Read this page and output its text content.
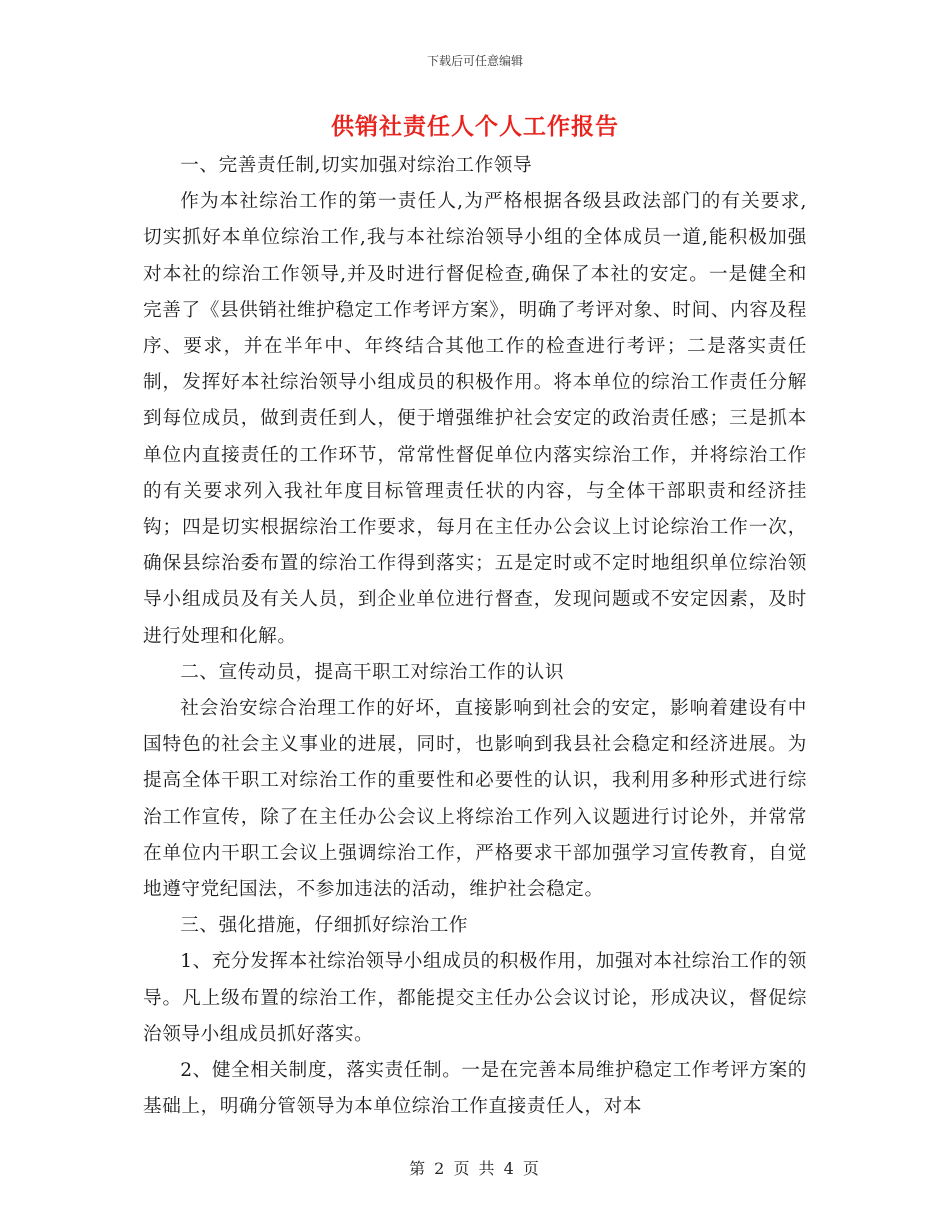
下载后可任意编辑
供销社责任人个人工作报告

一、完善责任制,切实加强对综治工作领导

作为本社综治工作的第一责任人,为严格根据各级县政法部门的有关要求,切实抓好本单位综治工作,我与本社综治领导小组的全体成员一道,能积极加强对本社的综治工作领导,并及时进行督促检查,确保了本社的安定。一是健全和完善了《县供销社维护稳定工作考评方案》，明确了考评对象、时间、内容及程序、要求，并在半年中、年终结合其他工作的检查进行考评；二是落实责任制，发挥好本社综治领导小组成员的积极作用。将本单位的综治工作责任分解到每位成员，做到责任到人，便于增强维护社会安定的政治责任感；三是抓本单位内直接责任的工作环节，常常性督促单位内落实综治工作，并将综治工作的有关要求列入我社年度目标管理责任状的内容，与全体干部职责和经济挂钩；四是切实根据综治工作要求，每月在主任办公会议上讨论综治工作一次，确保县综治委布置的综治工作得到落实；五是定时或不定时地组织单位综治领导小组成员及有关人员，到企业单位进行督查，发现问题或不安定因素，及时进行处理和化解。

二、宣传动员，提高干职工对综治工作的认识

社会治安综合治理工作的好坏，直接影响到社会的安定，影响着建设有中国特色的社会主义事业的进展，同时，也影响到我县社会稳定和经济进展。为提高全体干职工对综治工作的重要性和必要性的认识，我利用多种形式进行综治工作宣传，除了在主任办公会议上将综治工作列入议题进行讨论外，并常常在单位内干职工会议上强调综治工作，严格要求干部加强学习宣传教育，自觉地遵守党纪国法，不参加违法的活动，维护社会稳定。

三、强化措施，仔细抓好综治工作

1、充分发挥本社综治领导小组成员的积极作用，加强对本社综治工作的领导。凡上级布置的综治工作，都能提交主任办公会议讨论，形成决议，督促综治领导小组成员抓好落实。

2、健全相关制度，落实责任制。一是在完善本局维护稳定工作考评方案的基础上，明确分管领导为本单位综治工作直接责任人，对本

第 2 页 共 4 页
